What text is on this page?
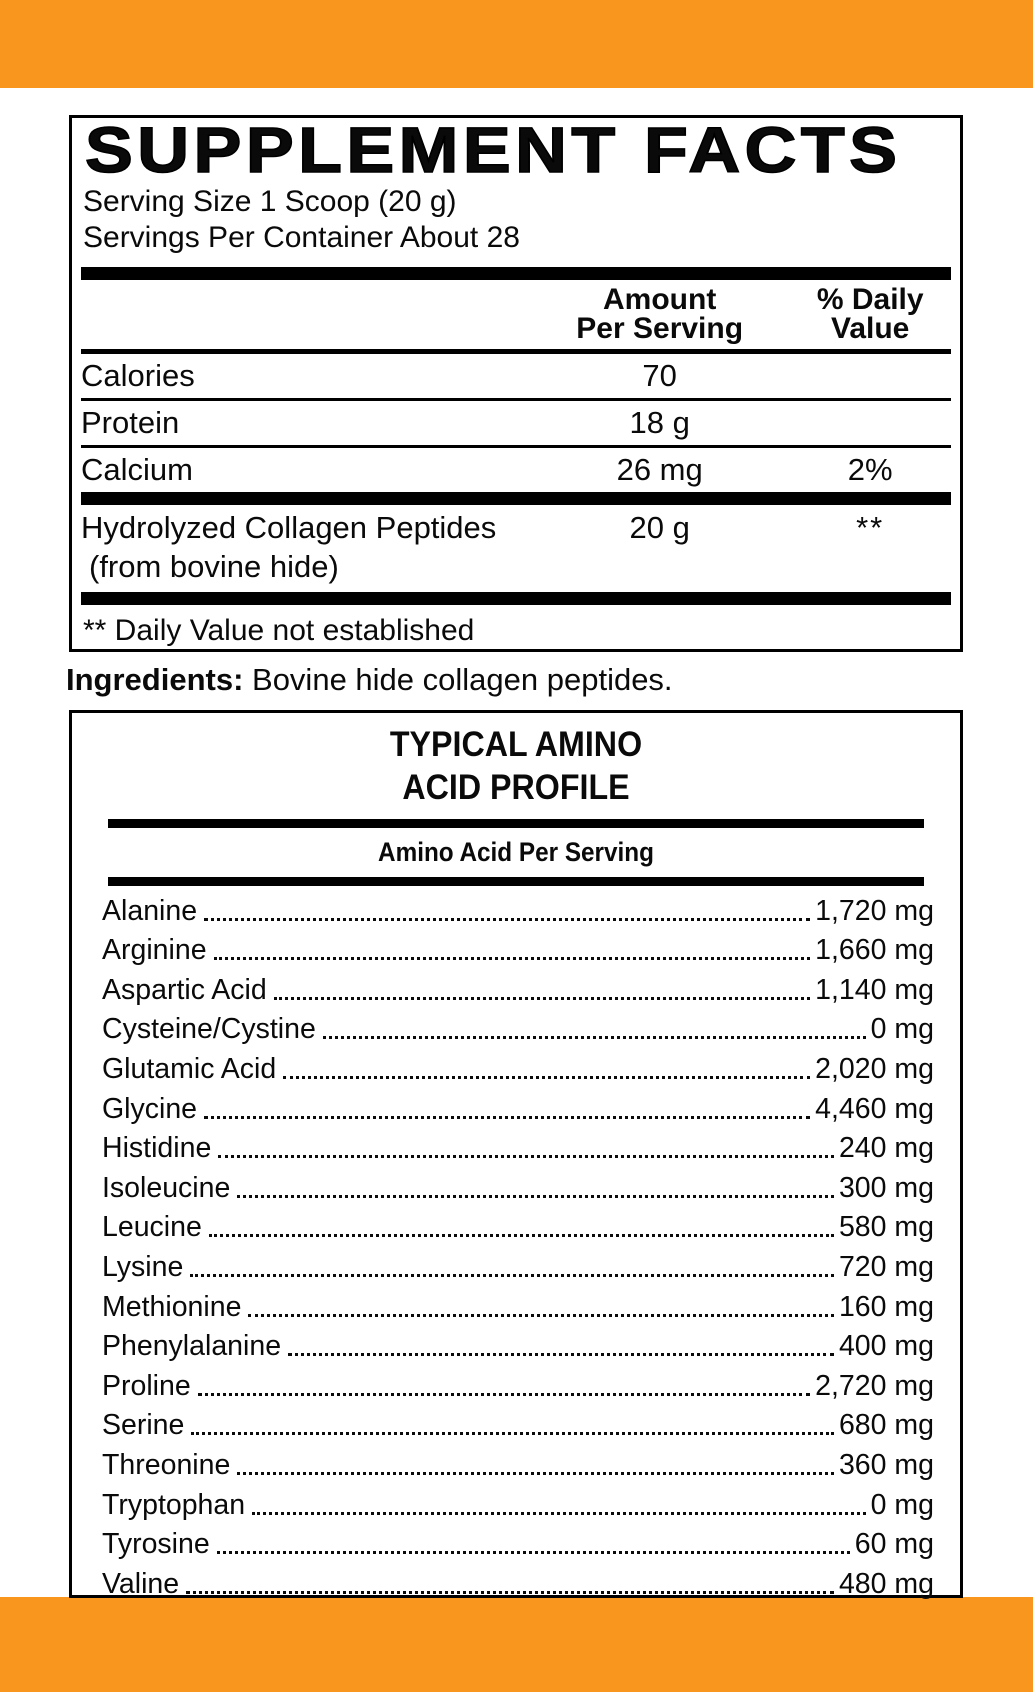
SUPPLEMENT FACTS
Serving Size 1 Scoop (20 g)
Servings Per Container About 28
Amount
Per Serving
% Daily
Value
Calories	70
Protein	18 g
Calcium	26 mg	2%
Hydrolyzed Collagen Peptides	20 g	**
(from bovine hide)
** Daily Value not established
Ingredients: Bovine hide collagen peptides.
TYPICAL AMINO
ACID PROFILE
Amino Acid Per Serving
Alanine	1,720 mg
Arginine	1,660 mg
Aspartic Acid	1,140 mg
Cysteine/Cystine	0 mg
Glutamic Acid	2,020 mg
Glycine	4,460 mg
Histidine	240 mg
Isoleucine	300 mg
Leucine	580 mg
Lysine	720 mg
Methionine	160 mg
Phenylalanine	400 mg
Proline	2,720 mg
Serine	680 mg
Threonine	360 mg
Tryptophan	0 mg
Tyrosine	60 mg
Valine	480 mg
